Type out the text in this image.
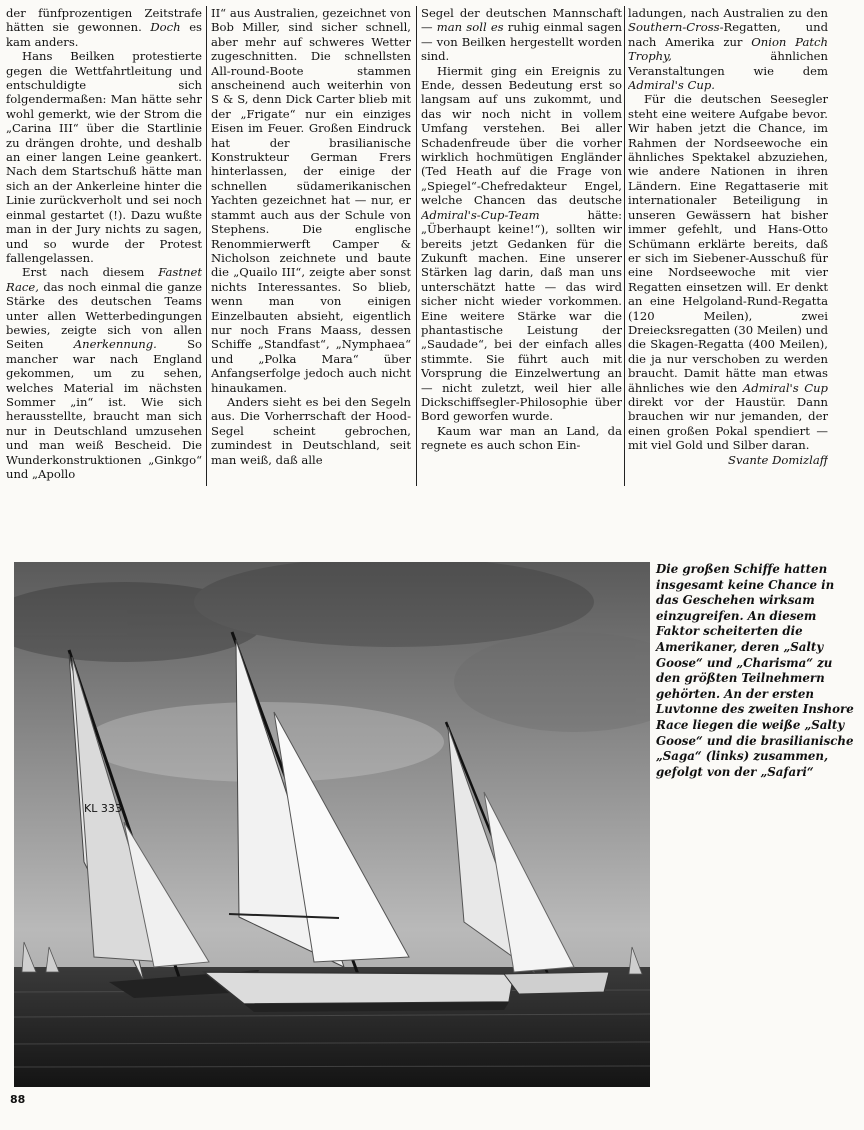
der fünfprozentigen Zeitstrafe hätten sie gewonnen. Doch es kam anders.

Hans Beilken protestierte gegen die Wettfahrtleitung und entschuldigte sich folgendermaßen: Man hätte sehr wohl gemerkt, wie der Strom die „Carina III“ über die Startlinie zu drängen drohte, und deshalb an einer langen Leine geankert. Nach dem Startschuß hätte man sich an der Ankerleine hinter die Linie zurückverholt und sei noch einmal gestartet (!). Dazu wußte man in der Jury nichts zu sagen, und so wurde der Protest fallengelassen.

Erst nach diesem Fastnet Race, das noch einmal die ganze Stärke des deutschen Teams unter allen Wetterbedingungen bewies, zeigte sich von allen Seiten Anerkennung. So mancher war nach England gekommen, um zu sehen, welches Material im nächsten Sommer „in“ ist. Wie sich herausstellte, braucht man sich nur in Deutschland umzusehen und man weiß Bescheid. Die Wunderkonstruktionen „Ginkgo“ und „Apollo

II“ aus Australien, gezeichnet von Bob Miller, sind sicher schnell, aber mehr auf schweres Wetter zugeschnitten. Die schnellsten All-round-Boote stammen anscheinend auch weiterhin von S & S, denn Dick Carter blieb mit der „Frigate“ nur ein einziges Eisen im Feuer. Großen Eindruck hat der brasilianische Konstrukteur German Frers hinterlassen, der einige der schnellen südamerikanischen Yachten gezeichnet hat — nur, er stammt auch aus der Schule von Stephens. Die englische Renommierwerft Camper & Nicholson zeichnete und baute die „Quailo III“, zeigte aber sonst nichts Interessantes. So blieb, wenn man von einigen Einzelbauten absieht, eigentlich nur noch Frans Maass, dessen Schiffe „Standfast“, „Nymphaea“ und „Polka Mara“ über Anfangserfolge jedoch auch nicht hinaukamen.

Anders sieht es bei den Segeln aus. Die Vorherrschaft der Hood-Segel scheint gebrochen, zumindest in Deutschland, seit man weiß, daß alle

Segel der deutschen Mannschaft — man soll es ruhig einmal sagen — von Beilken hergestellt worden sind.

Hiermit ging ein Ereignis zu Ende, dessen Bedeutung erst so langsam auf uns zukommt, und das wir noch nicht in vollem Umfang verstehen. Bei aller Schadenfreude über die vorher wirklich hochmütigen Engländer (Ted Heath auf die Frage von „Spiegel“-Chefredakteur Engel, welche Chancen das deutsche Admiral's-Cup-Team hätte: „Überhaupt keine!“), sollten wir bereits jetzt Gedanken für die Zukunft machen. Eine unserer Stärken lag darin, daß man uns unterschätzt hatte — das wird sicher nicht wieder vorkommen. Eine weitere Stärke war die phantastische Leistung der „Saudade“, bei der einfach alles stimmte. Sie führt auch mit Vorsprung die Einzelwertung an — nicht zuletzt, weil hier alle Dickschiffsegler-Philosophie über Bord geworfen wurde.

Kaum war man an Land, da regnete es auch schon Ein-

ladungen, nach Australien zu den Southern-Cross-Regatten, und nach Amerika zur Onion Patch Trophy, ähnlichen Veranstaltungen wie dem Admiral's Cup.

Für die deutschen Seesegler steht eine weitere Aufgabe bevor. Wir haben jetzt die Chance, im Rahmen der Nordseewoche ein ähnliches Spektakel abzuziehen, wie andere Nationen in ihren Ländern. Eine Regattaserie mit internationaler Beteiligung in unseren Gewässern hat bisher immer gefehlt, und Hans-Otto Schümann erklärte bereits, daß er sich im Siebener-Ausschuß für eine Nordseewoche mit vier Regatten einsetzen will. Er denkt an eine Helgoland-Rund-Regatta (120 Meilen), zwei Dreiecksregatten (30 Meilen) und die Skagen-Regatta (400 Meilen), die ja nur verschoben zu werden braucht. Damit hätte man etwas ähnliches wie den Admiral's Cup direkt vor der Haustür. Dann brauchen wir nur jemanden, der einen großen Pokal spendiert — mit viel Gold und Silber daran.

Svante Domizlaff

KL 333
Die großen Schiffe hatten insgesamt keine Chance in das Geschehen wirksam einzugreifen. An diesem Faktor scheiterten die Amerikaner, deren „Salty Goose“ und „Charisma“ zu den größten Teilnehmern gehörten. An der ersten Luvtonne des zweiten Inshore Race liegen die weiße „Salty Goose“ und die brasilianische „Saga“ (links) zusammen, gefolgt von der „Safari“
88
